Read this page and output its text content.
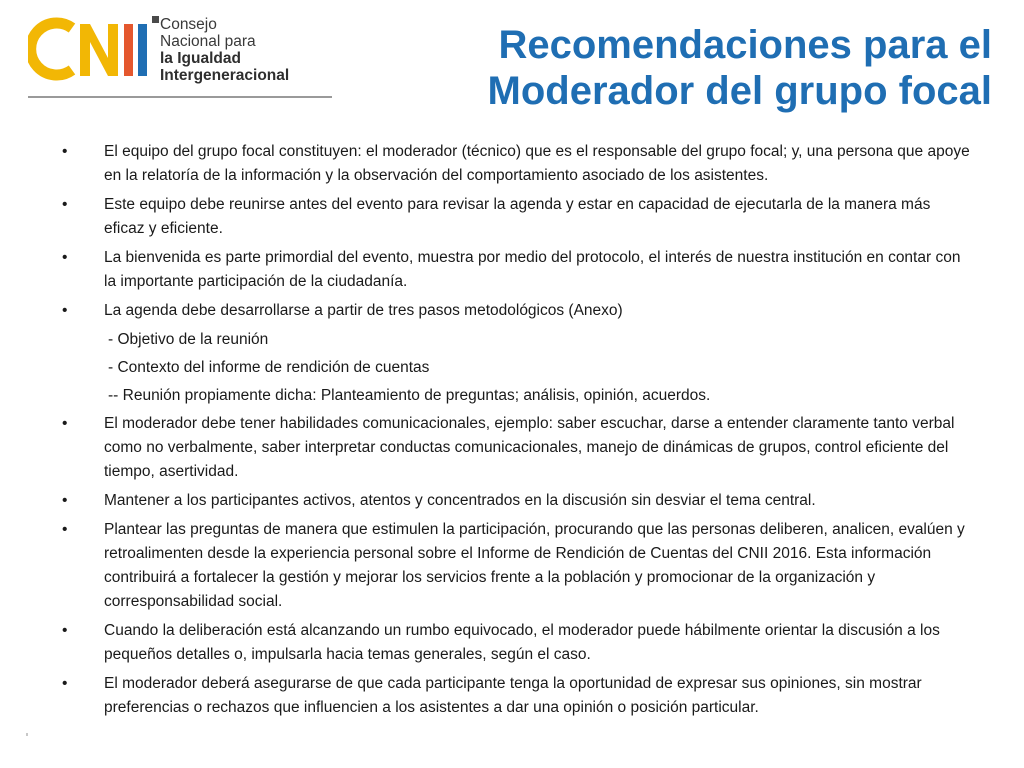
Consejo
Nacional para
la Igualdad
Intergeneracional
Recomendaciones para el
Moderador del grupo focal
• El equipo del grupo focal constituyen: el moderador (técnico) que es el responsable del grupo focal; y, una persona que apoye en la relatoría de la información y la observación del comportamiento asociado de los asistentes.
• Este equipo debe reunirse antes del evento para revisar la agenda y estar en capacidad de ejecutarla de la manera más eficaz y eficiente.
• La bienvenida es parte primordial del evento, muestra por medio del protocolo, el interés de nuestra institución en contar con la importante participación de la ciudadanía.
• La agenda debe desarrollarse a partir de tres pasos metodológicos (Anexo)
- Objetivo de la reunión
- Contexto del informe de rendición de cuentas
-- Reunión propiamente dicha: Planteamiento de preguntas; análisis, opinión, acuerdos.
• El moderador debe tener habilidades comunicacionales, ejemplo: saber escuchar, darse a entender claramente tanto verbal como no verbalmente, saber interpretar conductas comunicacionales, manejo de dinámicas de grupos, control eficiente del tiempo, asertividad.
• Mantener a los participantes activos, atentos y concentrados en la discusión sin desviar el tema central.
• Plantear las preguntas de manera que estimulen la participación, procurando que las personas deliberen, analicen, evalúen y retroalimenten desde la experiencia personal sobre el Informe de Rendición de Cuentas del CNII 2016. Esta información contribuirá a fortalecer la gestión y mejorar los servicios frente a la población y promocionar de la organización y corresponsabilidad social.
• Cuando la deliberación está alcanzando un rumbo equivocado, el moderador puede hábilmente orientar la discusión a los pequeños detalles o, impulsarla hacia temas generales, según el caso.
• El moderador deberá asegurarse de que cada participante tenga la oportunidad de expresar sus opiniones, sin mostrar preferencias o rechazos que influencien a los asistentes a dar una opinión o posición particular.
